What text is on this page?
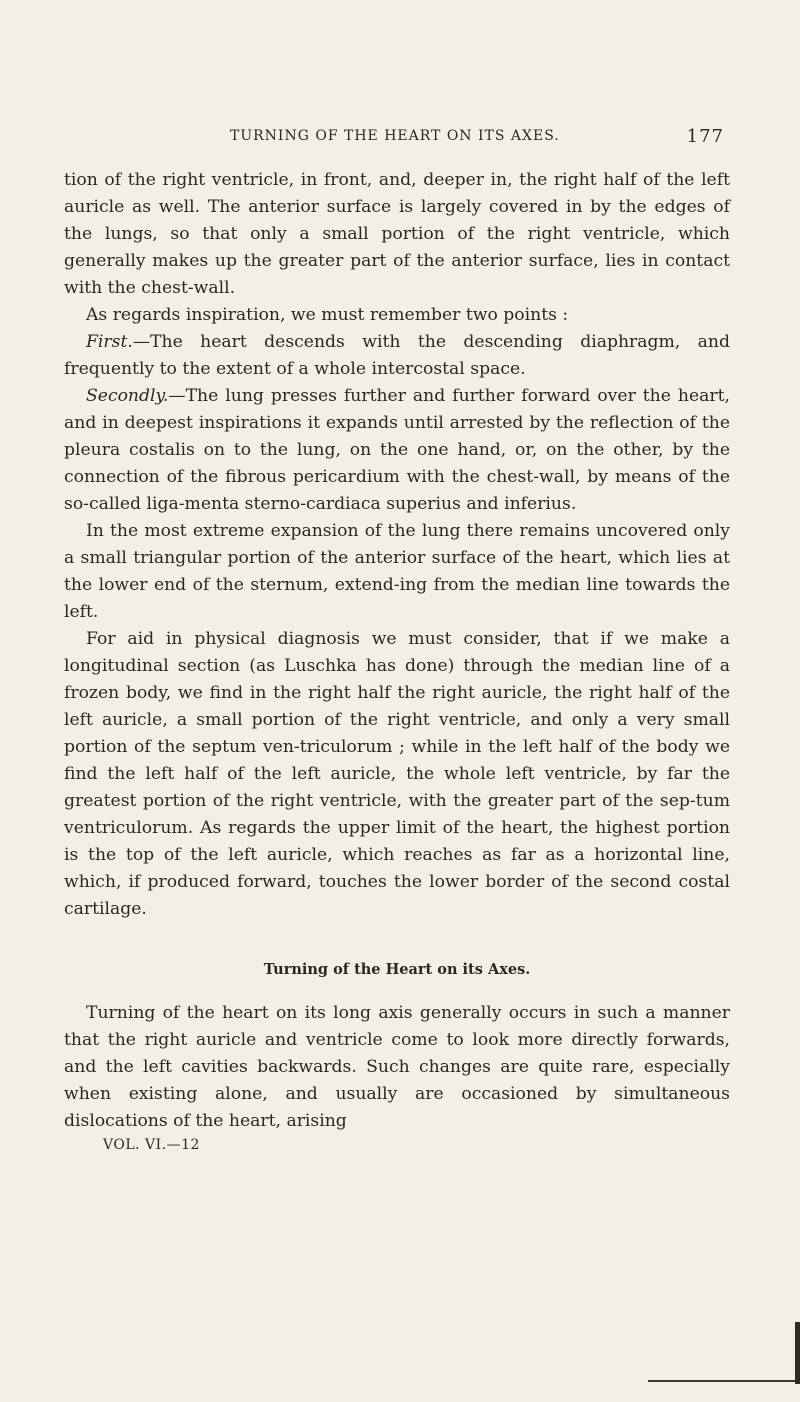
TURNING OF THE HEART ON ITS AXES.	177

tion of the right ventricle, in front, and, deeper in, the right half of the left auricle as well. The anterior surface is largely covered in by the edges of the lungs, so that only a small portion of the right ventricle, which generally makes up the greater part of the anterior surface, lies in contact with the chest-wall.

As regards inspiration, we must remember two points :

First.—The heart descends with the descending diaphragm, and frequently to the extent of a whole intercostal space.

Secondly.—The lung presses further and further forward over the heart, and in deepest inspirations it expands until arrested by the reflection of the pleura costalis on to the lung, on the one hand, or, on the other, by the connection of the fibrous pericardium with the chest-wall, by means of the so-called liga-menta sterno-cardiaca superius and inferius.

In the most extreme expansion of the lung there remains uncovered only a small triangular portion of the anterior surface of the heart, which lies at the lower end of the sternum, extend-ing from the median line towards the left.

For aid in physical diagnosis we must consider, that if we make a longitudinal section (as Luschka has done) through the median line of a frozen body, we find in the right half the right auricle, the right half of the left auricle, a small portion of the right ventricle, and only a very small portion of the septum ven-triculorum ; while in the left half of the body we find the left half of the left auricle, the whole left ventricle, by far the greatest portion of the right ventricle, with the greater part of the sep-tum ventriculorum. As regards the upper limit of the heart, the highest portion is the top of the left auricle, which reaches as far as a horizontal line, which, if produced forward, touches the lower border of the second costal cartilage.

Turning of the Heart on its Axes.

Turning of the heart on its long axis generally occurs in such a manner that the right auricle and ventricle come to look more directly forwards, and the left cavities backwards. Such changes are quite rare, especially when existing alone, and usually are occasioned by simultaneous dislocations of the heart, arising

VOL. VI.—12
